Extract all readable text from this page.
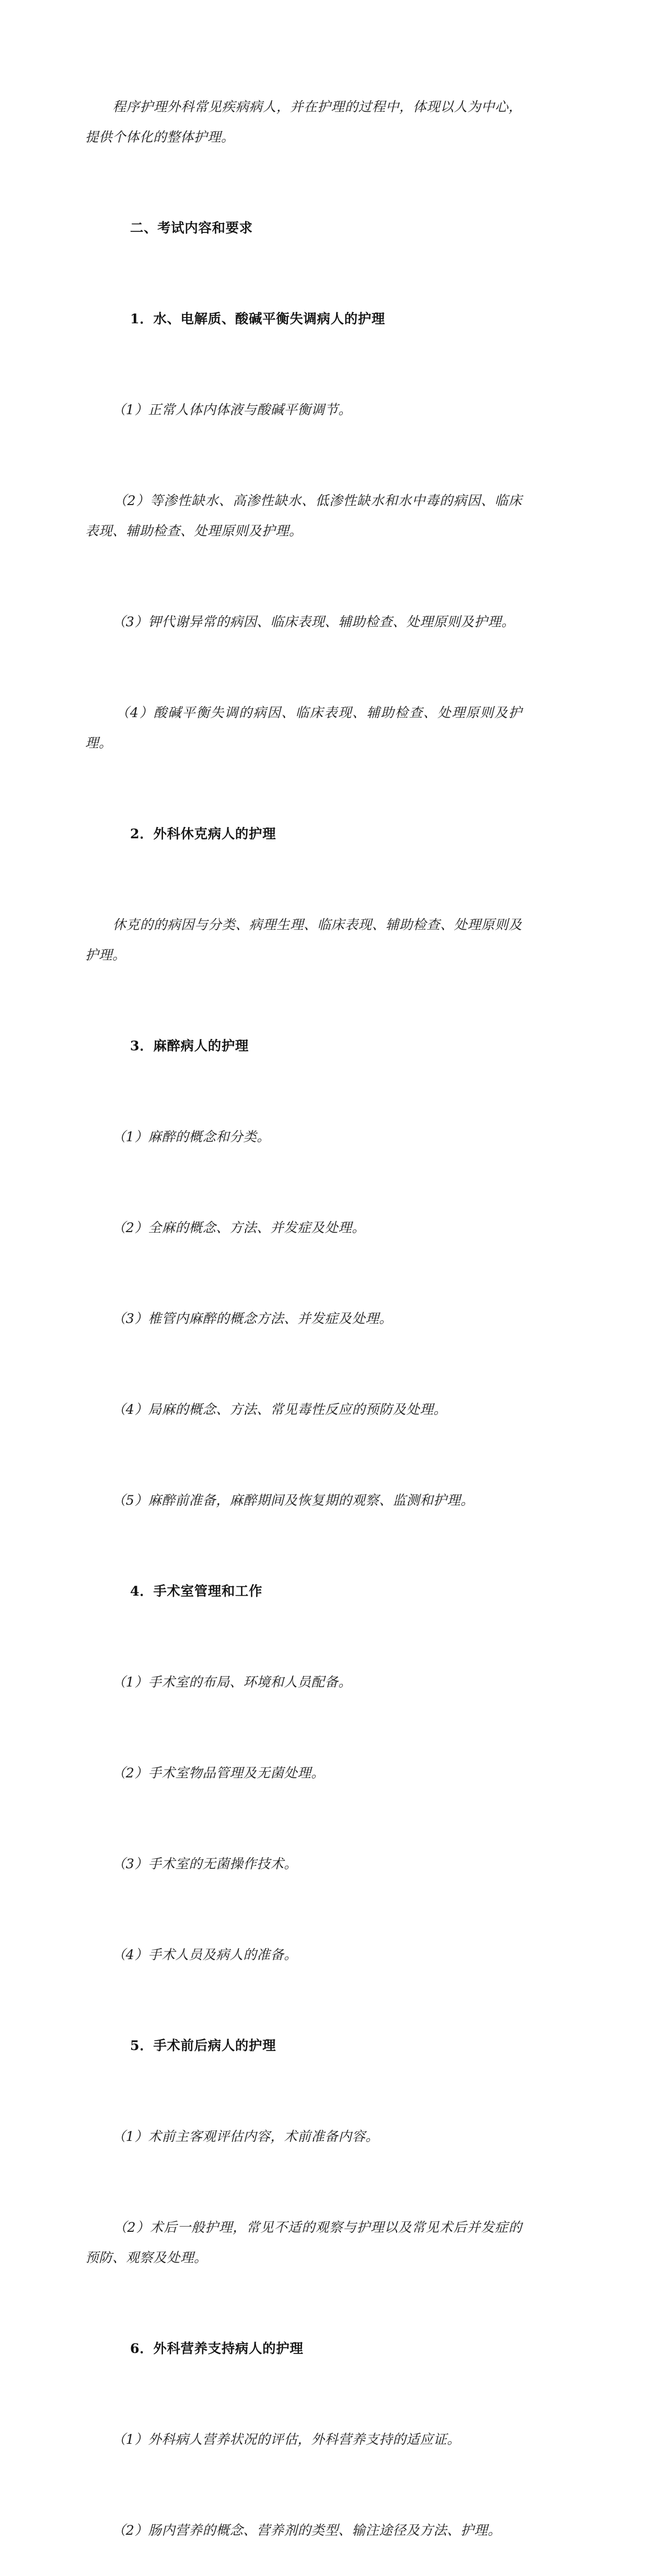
程序护理外科常见疾病病人，并在护理的过程中，体现以人为中心，提供个体化的整体护理。

二、考试内容和要求

1．水、电解质、酸碱平衡失调病人的护理

（1）正常人体内体液与酸碱平衡调节。

（2）等渗性缺水、高渗性缺水、低渗性缺水和水中毒的病因、临床表现、辅助检查、处理原则及护理。

（3）钾代谢异常的病因、临床表现、辅助检查、处理原则及护理。

（4）酸碱平衡失调的病因、临床表现、辅助检查、处理原则及护理。

2．外科休克病人的护理

休克的的病因与分类、病理生理、临床表现、辅助检查、处理原则及护理。

3．麻醉病人的护理

（1）麻醉的概念和分类。

（2）全麻的概念、方法、并发症及处理。

（3）椎管内麻醉的概念方法、并发症及处理。

（4）局麻的概念、方法、常见毒性反应的预防及处理。

（5）麻醉前准备，麻醉期间及恢复期的观察、监测和护理。

4．手术室管理和工作

（1）手术室的布局、环境和人员配备。

（2）手术室物品管理及无菌处理。

（3）手术室的无菌操作技术。

（4）手术人员及病人的准备。

5．手术前后病人的护理

（1）术前主客观评估内容，术前准备内容。

（2）术后一般护理，常见不适的观察与护理以及常见术后并发症的预防、观察及处理。

6．外科营养支持病人的护理

（1）外科病人营养状况的评估，外科营养支持的适应证。

（2）肠内营养的概念、营养剂的类型、输注途径及方法、护理。
